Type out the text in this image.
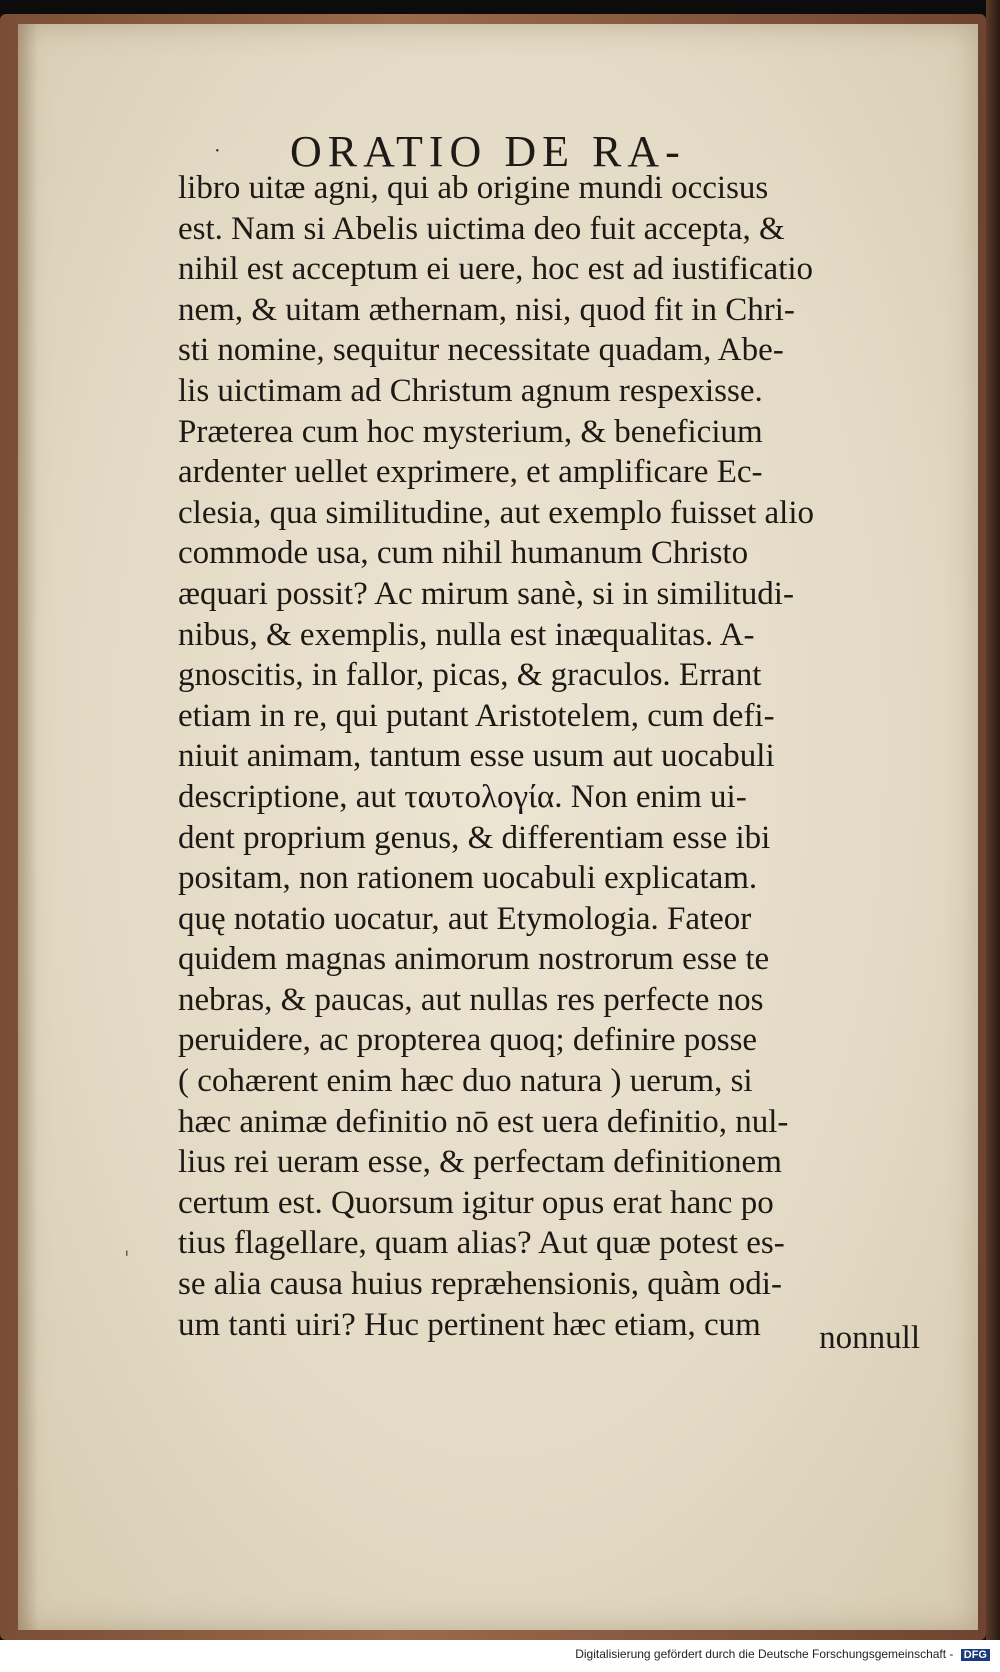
· ORATIO DE RA-
libro uitæ agni, qui ab origine mundi occisus
est. Nam si Abelis uictima deo fuit accepta, &
nihil est acceptum ei uere, hoc est ad iustificatio
nem, & uitam æthernam, nisi, quod fit in Chri-
sti nomine, sequitur necessitate quadam, Abe-
lis uictimam ad Christum agnum respexisse.
Præterea cum hoc mysterium, & beneficium
ardenter uellet exprimere, et amplificare Ec-
clesia, qua similitudine, aut exemplo fuisset alio
commode usa, cum nihil humanum Christo
æquari possit? Ac mirum sanè, si in similitudi-
nibus, & exemplis, nulla est inæqualitas. A-
gnoscitis, in fallor, picas, & graculos. Errant
etiam in re, qui putant Aristotelem, cum defi-
niuit animam, tantum esse usum aut uocabuli
descriptione, aut ταυτολογία. Non enim ui-
dent proprium genus, & differentiam esse ibi
positam, non rationem uocabuli explicatam.
quę notatio uocatur, aut Etymologia. Fateor
quidem magnas animorum nostrorum esse te
nebras, & paucas, aut nullas res perfecte nos
peruidere, ac propterea quoq; definire posse
( cohærent enim hæc duo natura ) uerum, si
hæc animæ definitio nō est uera definitio, nul-
lius rei ueram esse, & perfectam definitionem
certum est. Quorsum igitur opus erat hanc po
tius flagellare, quam alias? Aut quæ potest es-
se alia causa huius repræhensionis, quàm odi-
um tanti uiri? Huc pertinent hæc etiam, cum
'
nonnull
Digitalisierung gefördert durch die Deutsche Forschungsgemeinschaft - DFG
